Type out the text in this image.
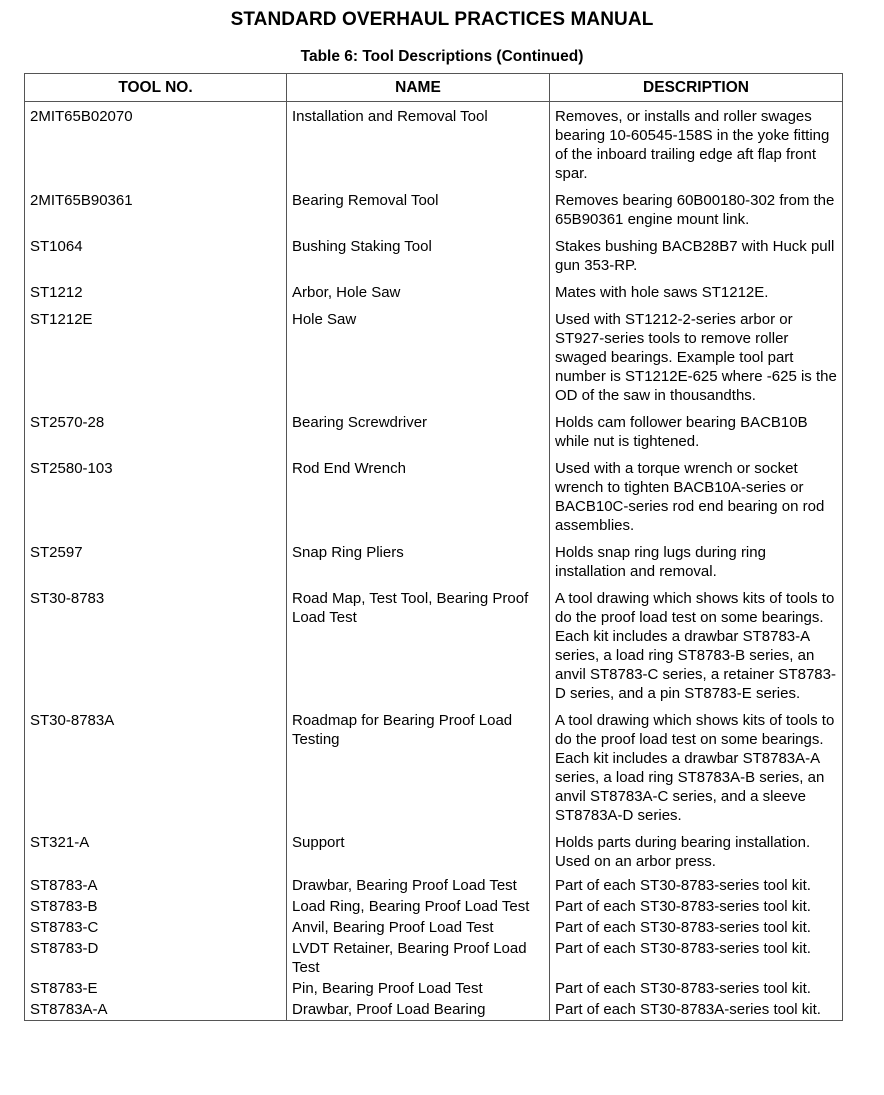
STANDARD OVERHAUL PRACTICES MANUAL
Table 6: Tool Descriptions (Continued)
TOOL NO.	NAME	DESCRIPTION
2MIT65B02070	Installation and Removal Tool	Removes, or installs and roller swages bearing 10-60545-158S in the yoke fitting of the inboard trailing edge aft flap front spar.
2MIT65B90361	Bearing Removal Tool	Removes bearing 60B00180-302 from the 65B90361 engine mount link.
ST1064	Bushing Staking Tool	Stakes bushing BACB28B7 with Huck pull gun 353-RP.
ST1212	Arbor, Hole Saw	Mates with hole saws ST1212E.
ST1212E	Hole Saw	Used with ST1212-2-series arbor or ST927-series tools to remove roller swaged bearings. Example tool part number is ST1212E-625 where -625 is the OD of the saw in thousandths.
ST2570-28	Bearing Screwdriver	Holds cam follower bearing BACB10B while nut is tightened.
ST2580-103	Rod End Wrench	Used with a torque wrench or socket wrench to tighten BACB10A-series or BACB10C-series rod end bearing on rod assemblies.
ST2597	Snap Ring Pliers	Holds snap ring lugs during ring installation and removal.
ST30-8783	Road Map, Test Tool, Bearing Proof Load Test	A tool drawing which shows kits of tools to do the proof load test on some bearings. Each kit includes a drawbar ST8783-A series, a load ring ST8783-B series, an anvil ST8783-C series, a retainer ST8783-D series, and a pin ST8783-E series.
ST30-8783A	Roadmap for Bearing Proof Load Testing	A tool drawing which shows kits of tools to do the proof load test on some bearings. Each kit includes a drawbar ST8783A-A series, a load ring ST8783A-B series, an anvil ST8783A-C series, and a sleeve ST8783A-D series.
ST321-A	Support	Holds parts during bearing installation. Used on an arbor press.
ST8783-A	Drawbar, Bearing Proof Load Test	Part of each ST30-8783-series tool kit.
ST8783-B	Load Ring, Bearing Proof Load Test	Part of each ST30-8783-series tool kit.
ST8783-C	Anvil, Bearing Proof Load Test	Part of each ST30-8783-series tool kit.
ST8783-D	LVDT Retainer, Bearing Proof Load Test	Part of each ST30-8783-series tool kit.
ST8783-E	Pin, Bearing Proof Load Test	Part of each ST30-8783-series tool kit.
ST8783A-A	Drawbar, Proof Load Bearing	Part of each ST30-8783A-series tool kit.
